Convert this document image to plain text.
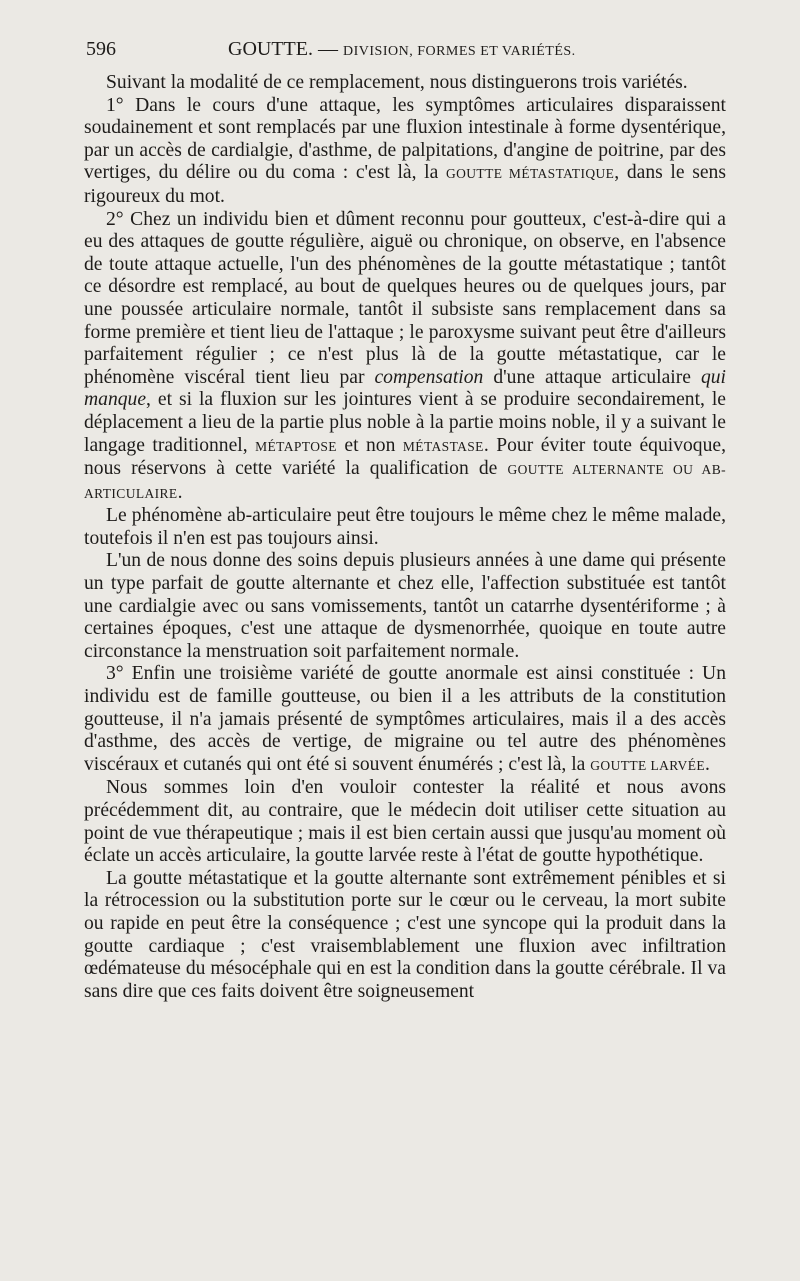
596	GOUTTE. — DIVISION, FORMES ET VARIÉTÉS.

Suivant la modalité de ce remplacement, nous distinguerons trois variétés.

1° Dans le cours d'une attaque, les symptômes articulaires disparaissent soudainement et sont remplacés par une fluxion intestinale à forme dysentérique, par un accès de cardialgie, d'asthme, de palpitations, d'angine de poitrine, par des vertiges, du délire ou du coma : c'est là, la GOUTTE MÉTASTATIQUE, dans le sens rigoureux du mot.

2° Chez un individu bien et dûment reconnu pour goutteux, c'est-à-dire qui a eu des attaques de goutte régulière, aiguë ou chronique, on observe, en l'absence de toute attaque actuelle, l'un des phénomènes de la goutte métastatique ; tantôt ce désordre est remplacé, au bout de quelques heures ou de quelques jours, par une poussée articulaire normale, tantôt il subsiste sans remplacement dans sa forme première et tient lieu de l'attaque ; le paroxysme suivant peut être d'ailleurs parfaitement régulier ; ce n'est plus là de la goutte métastatique, car le phénomène viscéral tient lieu par compensation d'une attaque articulaire qui manque, et si la fluxion sur les jointures vient à se produire secondairement, le déplacement a lieu de la partie plus noble à la partie moins noble, il y a suivant le langage traditionnel, MÉTAPTOSE et non MÉTASTASE. Pour éviter toute équivoque, nous réservons à cette variété la qualification de GOUTTE ALTERNANTE OU AB-ARTICULAIRE.

Le phénomène ab-articulaire peut être toujours le même chez le même malade, toutefois il n'en est pas toujours ainsi.

L'un de nous donne des soins depuis plusieurs années à une dame qui présente un type parfait de goutte alternante et chez elle, l'affection substituée est tantôt une cardialgie avec ou sans vomissements, tantôt un catarrhe dysentériforme ; à certaines époques, c'est une attaque de dysmenorrhée, quoique en toute autre circonstance la menstruation soit parfaitement normale.

3° Enfin une troisième variété de goutte anormale est ainsi constituée : Un individu est de famille goutteuse, ou bien il a les attributs de la constitution goutteuse, il n'a jamais présenté de symptômes articulaires, mais il a des accès d'asthme, des accès de vertige, de migraine ou tel autre des phénomènes viscéraux et cutanés qui ont été si souvent énumérés ; c'est là, la GOUTTE LARVÉE.

Nous sommes loin d'en vouloir contester la réalité et nous avons précédemment dit, au contraire, que le médecin doit utiliser cette situation au point de vue thérapeutique ; mais il est bien certain aussi que jusqu'au moment où éclate un accès articulaire, la goutte larvée reste à l'état de goutte hypothétique.

La goutte métastatique et la goutte alternante sont extrêmement pénibles et si la rétrocession ou la substitution porte sur le cœur ou le cerveau, la mort subite ou rapide en peut être la conséquence ; c'est une syncope qui la produit dans la goutte cardiaque ; c'est vraisemblablement une fluxion avec infiltration œdémateuse du mésocéphale qui en est la condition dans la goutte cérébrale. Il va sans dire que ces faits doivent être soigneusement
